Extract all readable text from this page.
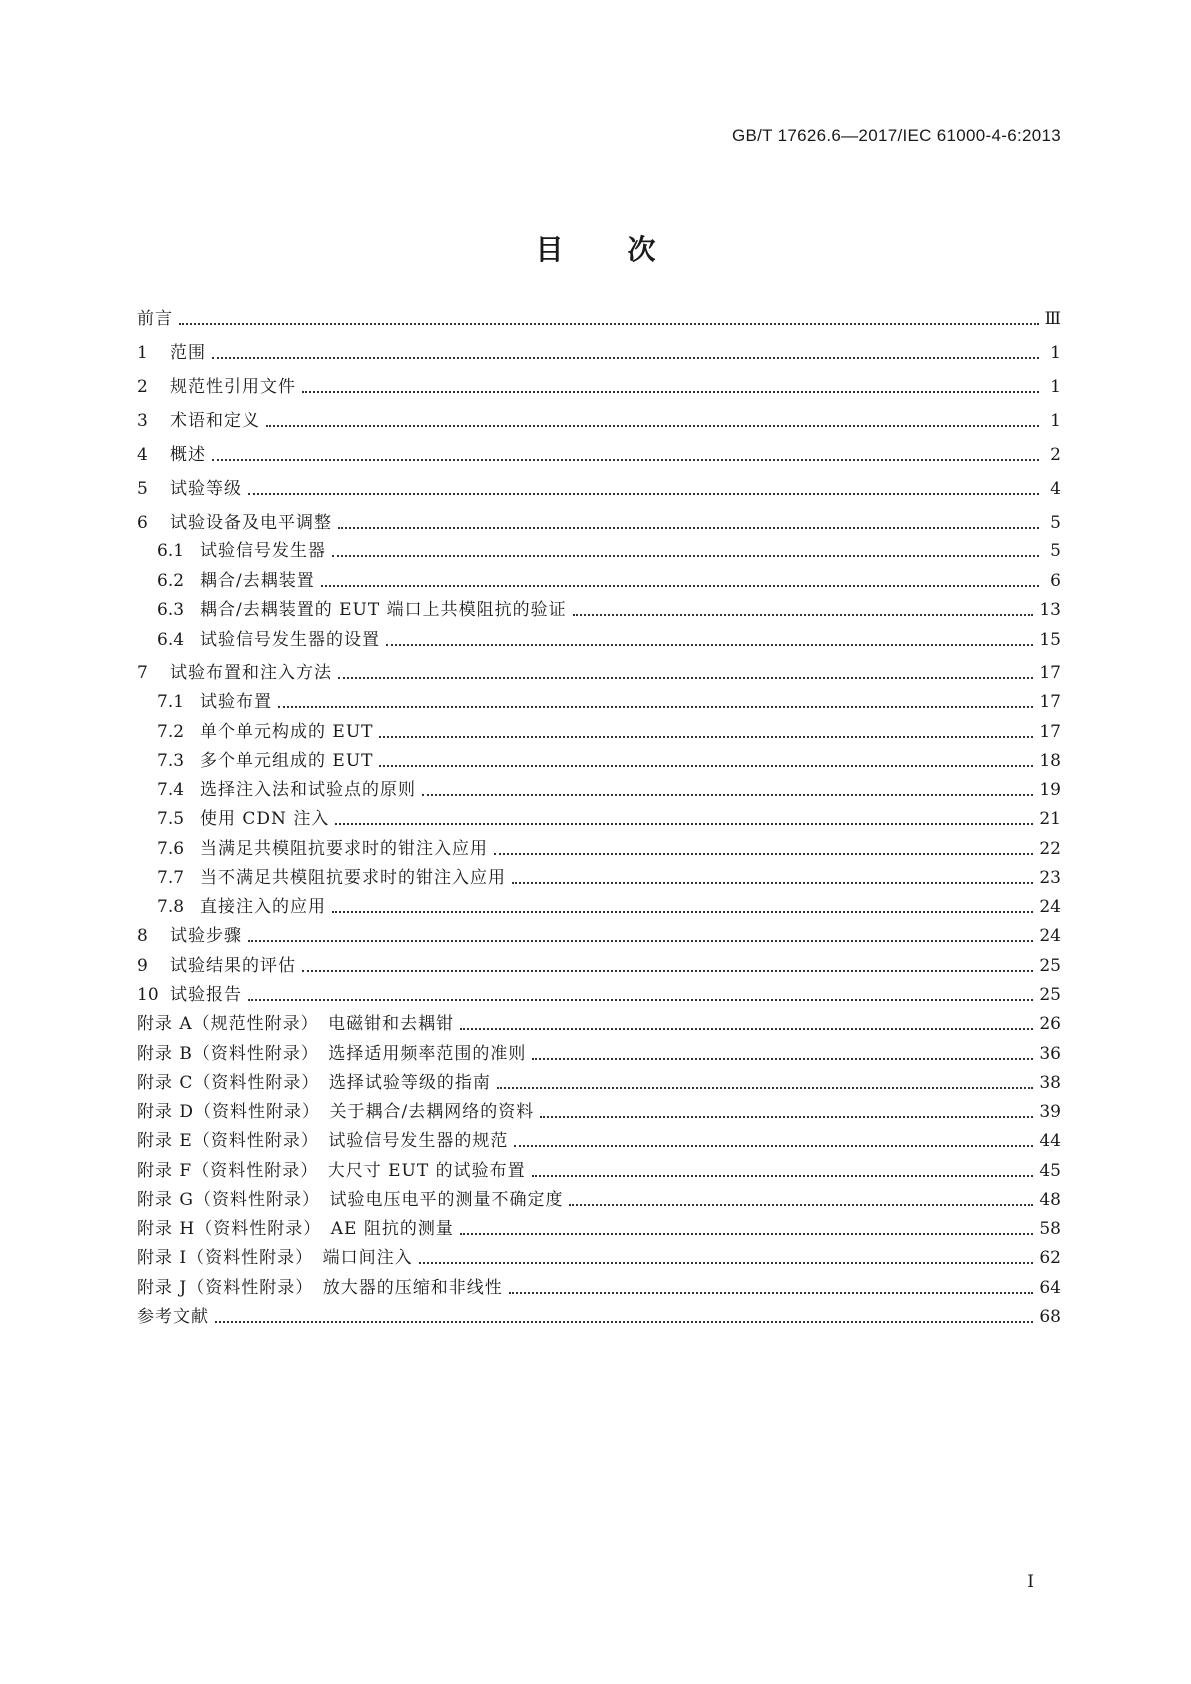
GB/T 17626.6—2017/IEC 61000-4-6:2013
目次
前言	Ⅲ
1	范围	1
2	规范性引用文件	1
3	术语和定义	1
4	概述	2
5	试验等级	4
6	试验设备及电平调整	5
6.1 试验信号发生器	5
6.2 耦合/去耦装置	6
6.3 耦合/去耦装置的 EUT 端口上共模阻抗的验证	13
6.4 试验信号发生器的设置	15
7	试验布置和注入方法	17
7.1 试验布置	17
7.2 单个单元构成的 EUT	17
7.3 多个单元组成的 EUT	18
7.4 选择注入法和试验点的原则	19
7.5 使用 CDN 注入	21
7.6 当满足共模阻抗要求时的钳注入应用	22
7.7 当不满足共模阻抗要求时的钳注入应用	23
7.8 直接注入的应用	24
8	试验步骤	24
9	试验结果的评估	25
10 试验报告	25
附录 A（规范性附录）　电磁钳和去耦钳	26
附录 B（资料性附录）　选择适用频率范围的准则	36
附录 C（资料性附录）　选择试验等级的指南	38
附录 D（资料性附录）　关于耦合/去耦网络的资料	39
附录 E（资料性附录）　试验信号发生器的规范	44
附录 F（资料性附录）　大尺寸 EUT 的试验布置	45
附录 G（资料性附录）　试验电压电平的测量不确定度	48
附录 H（资料性附录）　AE 阻抗的测量	58
附录 I（资料性附录）　端口间注入	62
附录 J（资料性附录）　放大器的压缩和非线性	64
参考文献	68
I
